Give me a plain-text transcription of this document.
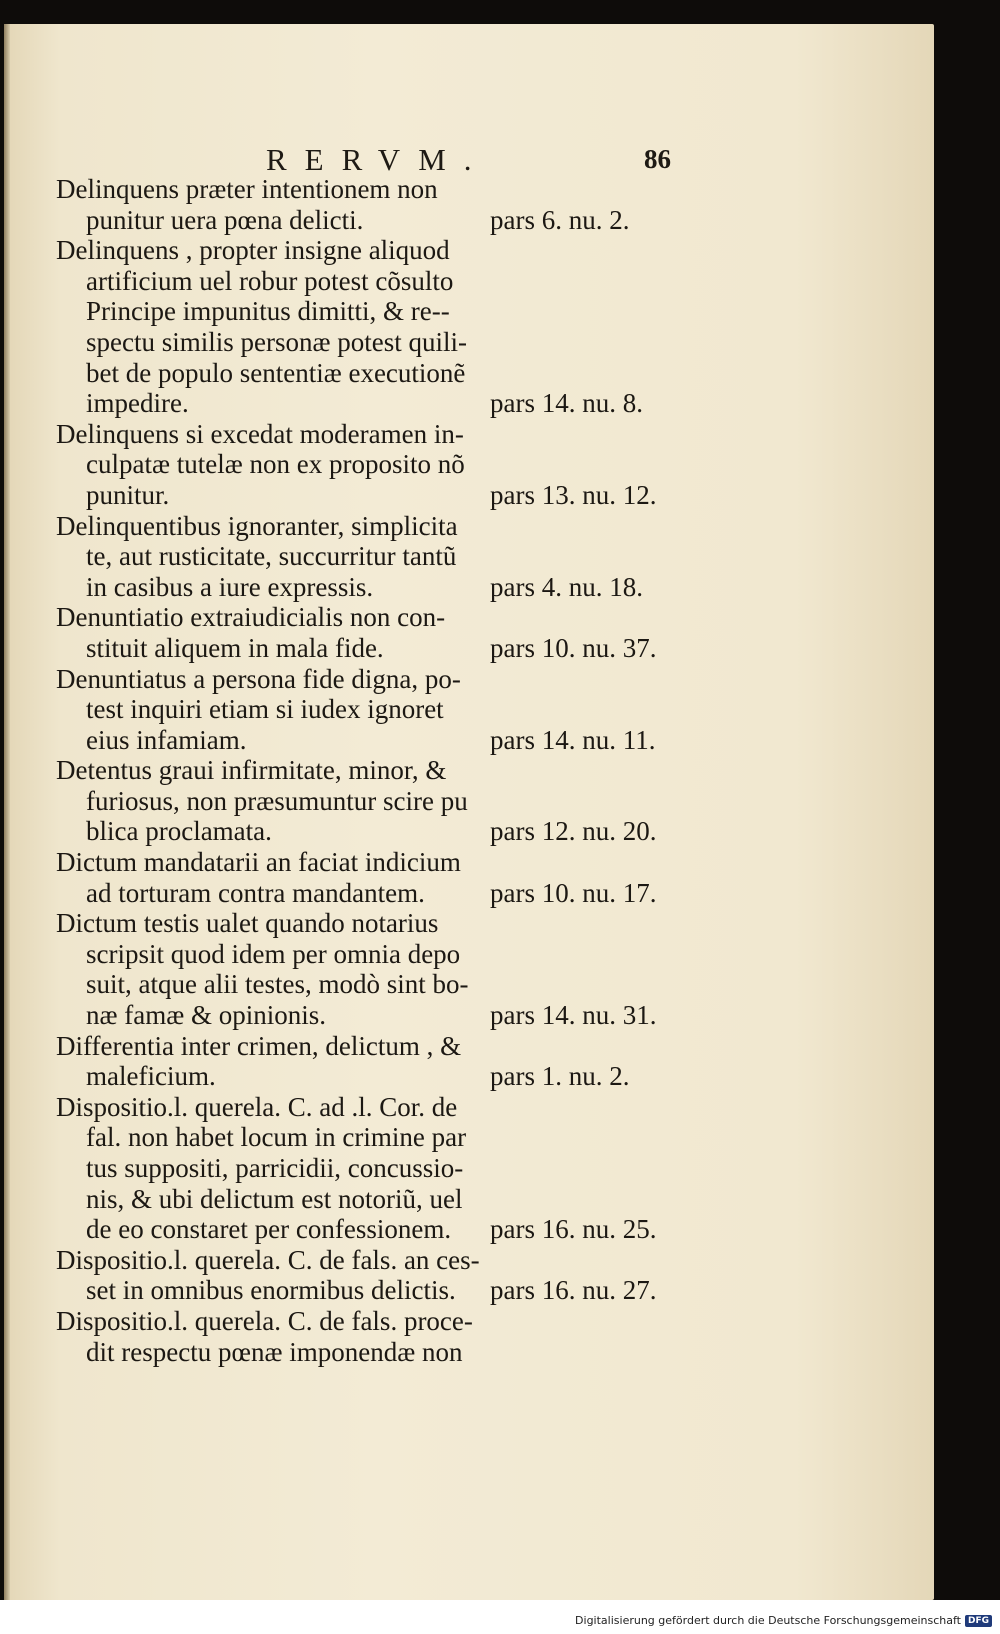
RERVM.	86
Delinquens præter intentionem non
punitur uera pœna delicti.	pars 6. nu. 2.
Delinquens , propter insigne aliquod
artificium uel robur potest cõsulto
Principe impunitus dimitti, & re--
spectu similis personæ potest quili-
bet de populo sententiæ executionẽ
impedire.	pars 14. nu. 8.
Delinquens si excedat moderamen in-
culpatæ tutelæ non ex proposito nõ
punitur.	pars 13. nu. 12.
Delinquentibus ignoranter, simplicita
te, aut rusticitate, succurritur tantũ
in casibus a iure expressis.	pars 4. nu. 18.
Denuntiatio extraiudicialis non con-
stituit aliquem in mala fide.	pars 10. nu. 37.
Denuntiatus a persona fide digna, po-
test inquiri etiam si iudex ignoret
eius infamiam.	pars 14. nu. 11.
Detentus graui infirmitate, minor, &
furiosus, non præsumuntur scire pu
blica proclamata.	pars 12. nu. 20.
Dictum mandatarii an faciat indicium
ad torturam contra mandantem.	pars 10. nu. 17.
Dictum testis ualet quando notarius
scripsit quod idem per omnia depo
suit, atque alii testes, modò sint bo-
næ famæ & opinionis.	pars 14. nu. 31.
Differentia inter crimen, delictum , &
maleficium.	pars 1. nu. 2.
Dispositio.l. querela. C. ad .l. Cor. de
fal. non habet locum in crimine par
tus suppositi, parricidii, concussio-
nis, & ubi delictum est notoriũ, uel
de eo constaret per confessionem.	pars 16. nu. 25.
Dispositio.l. querela. C. de fals. an ces-
set in omnibus enormibus delictis.	pars 16. nu. 27.
Dispositio.l. querela. C. de fals. proce-
dit respectu pœnæ imponendæ non
Digitalisierung gefördert durch die Deutsche Forschungsgemeinschaft DFG
